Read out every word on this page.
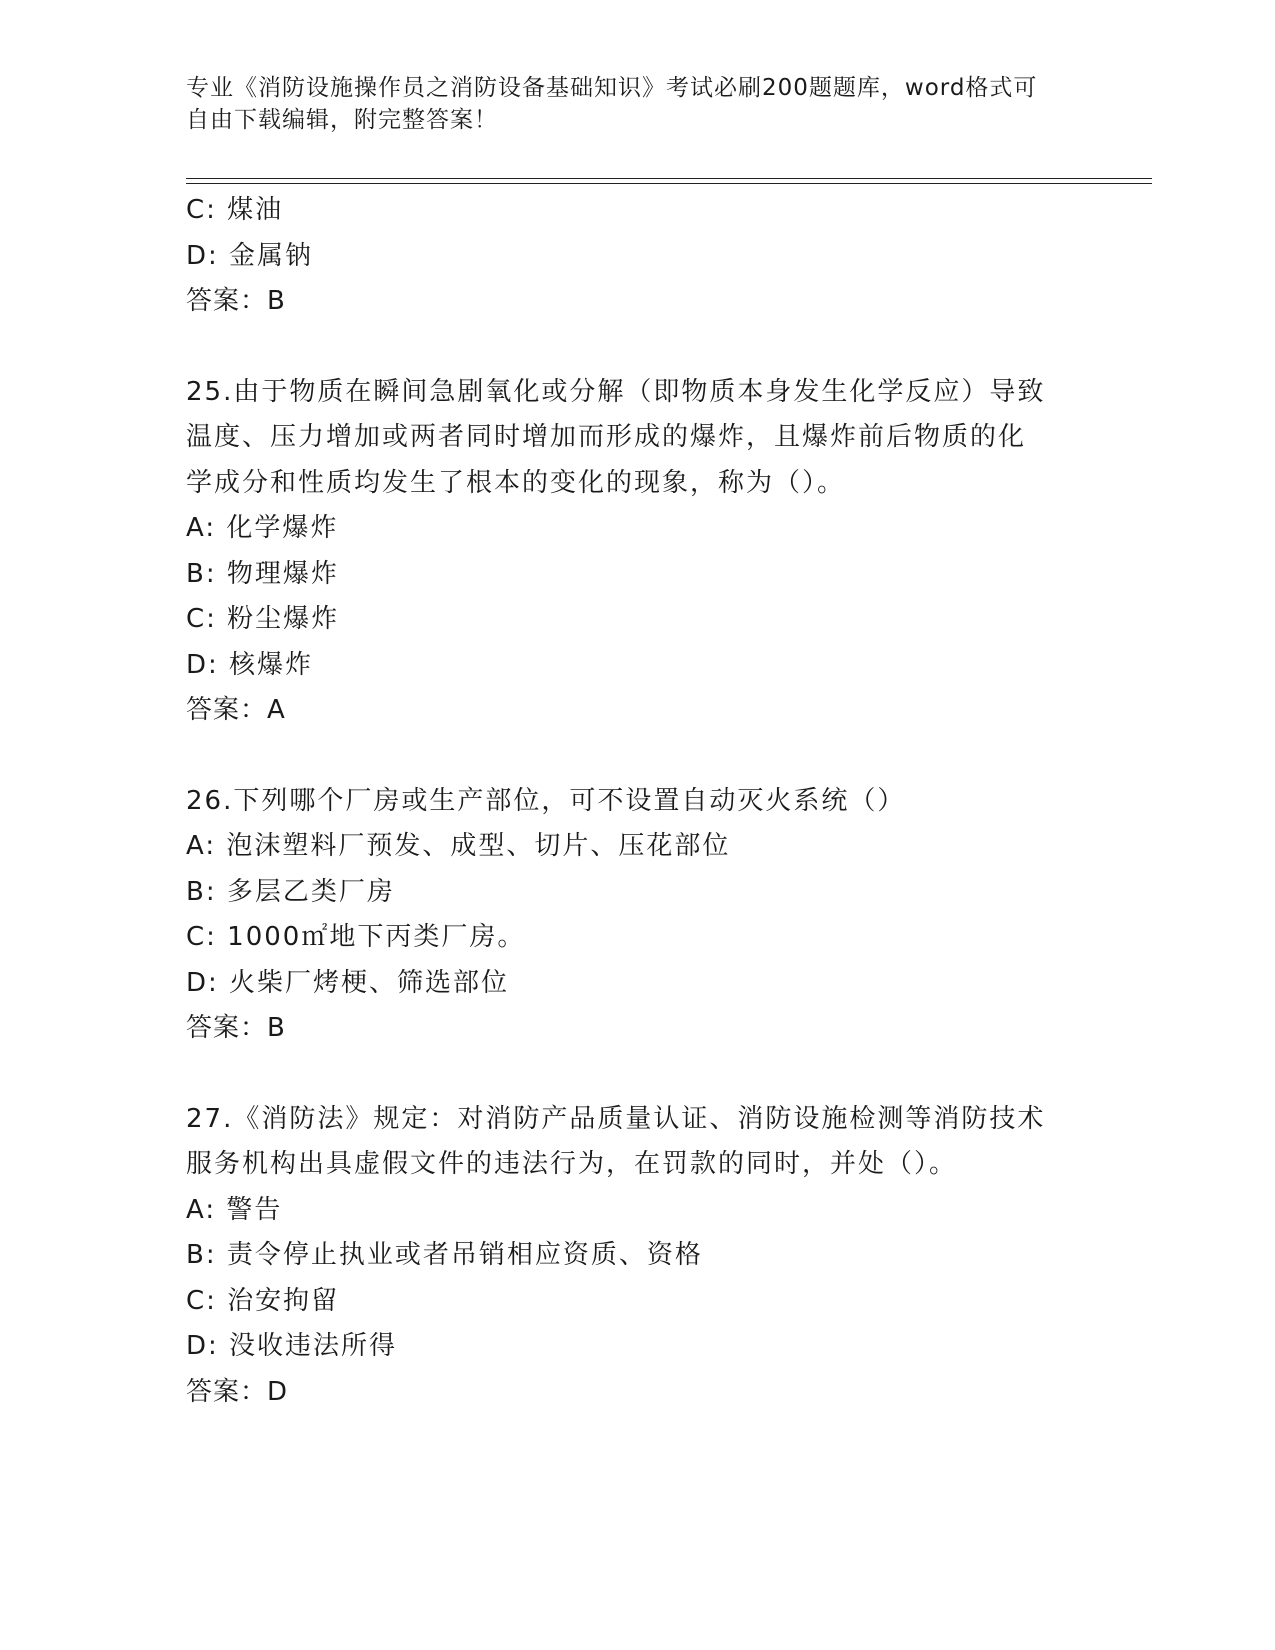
专业《消防设施操作员之消防设备基础知识》考试必刷200题题库，word格式可
自由下载编辑，附完整答案！
C: 煤油
D: 金属钠
答案：B
25.由于物质在瞬间急剧氧化或分解（即物质本身发生化学反应）导致
温度、压力增加或两者同时增加而形成的爆炸，且爆炸前后物质的化
学成分和性质均发生了根本的变化的现象，称为（）。
A: 化学爆炸
B: 物理爆炸
C: 粉尘爆炸
D: 核爆炸
答案：A
26.下列哪个厂房或生产部位，可不设置自动灭火系统（）
A: 泡沫塑料厂预发、成型、切片、压花部位
B: 多层乙类厂房
C: 1000㎡地下丙类厂房。
D: 火柴厂烤梗、筛选部位
答案：B
27.《消防法》规定：对消防产品质量认证、消防设施检测等消防技术
服务机构出具虚假文件的违法行为，在罚款的同时，并处（）。
A: 警告
B: 责令停止执业或者吊销相应资质、资格
C: 治安拘留
D: 没收违法所得
答案：D
